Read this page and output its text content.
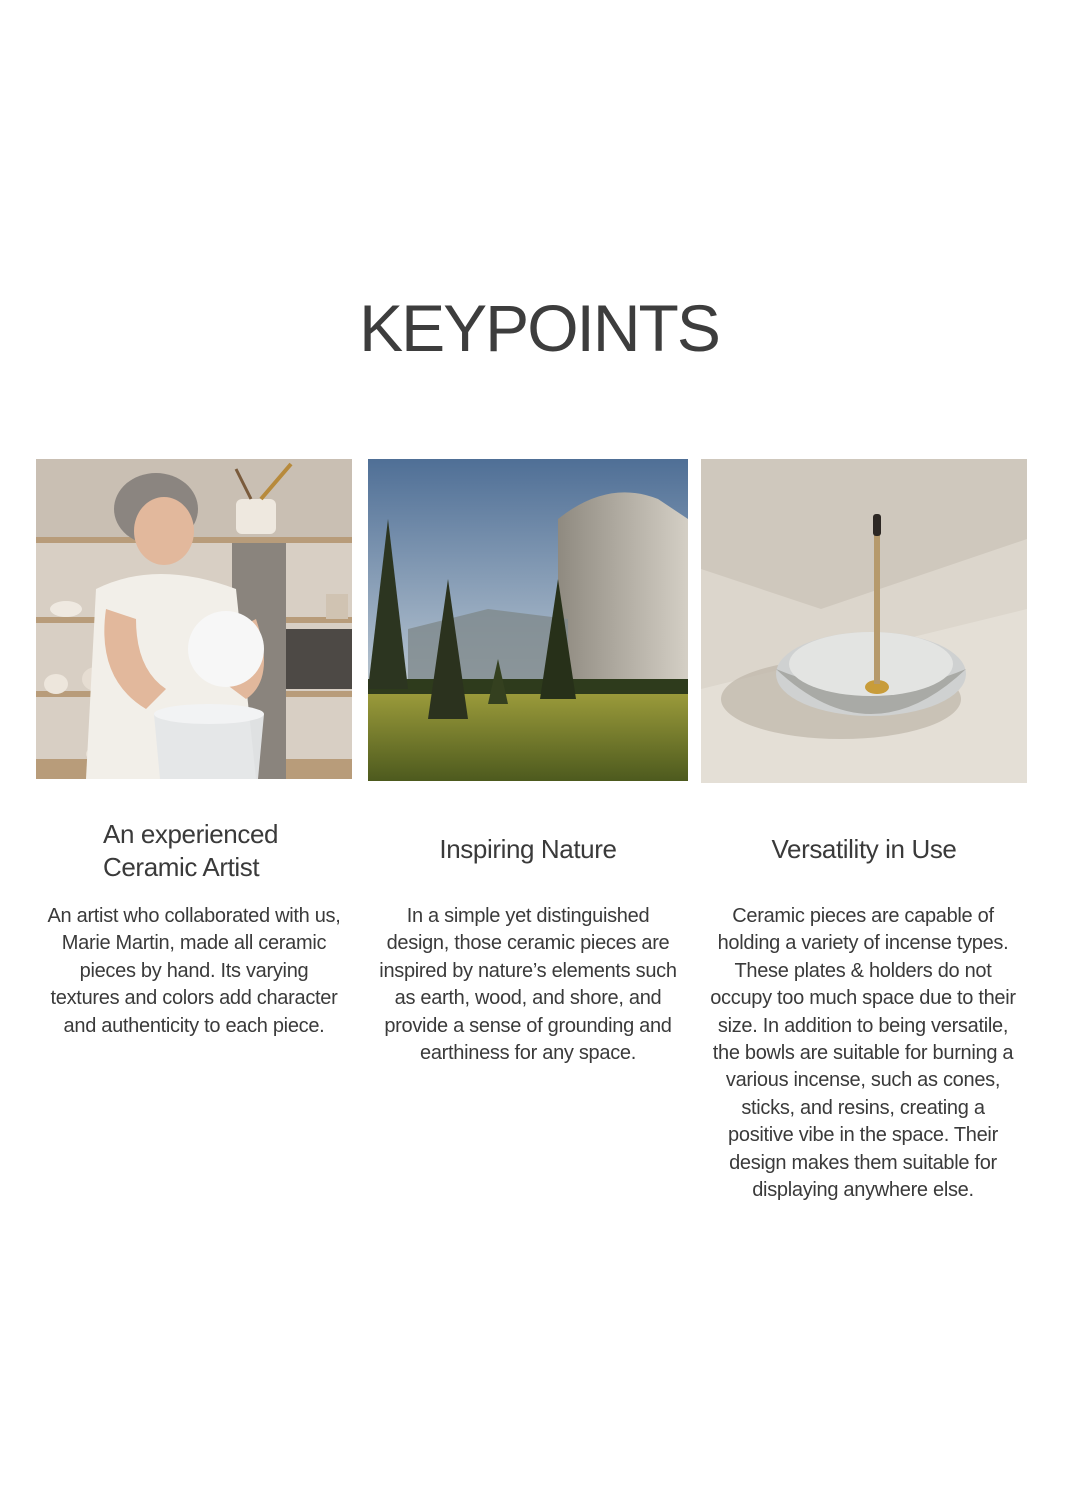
KEYPOINTS
An experienced Ceramic Artist
Inspiring Nature	Versatility in Use

An artist who collaborated with us, Marie Martin, made all ceramic pieces by hand. Its varying textures and colors add character and authenticity to each piece.

In a simple yet distinguished design, those ceramic pieces are inspired by nature’s elements such as earth, wood, and shore, and provide a sense of grounding and earthiness for any space.

Ceramic pieces are capable of holding a variety of incense types. These plates & holders do not occupy too much space due to their size. In addition to being versatile, the bowls are suitable for burning a various incense, such as cones, sticks, and resins, creating a positive vibe in the space. Their design makes them suitable for displaying anywhere else.
